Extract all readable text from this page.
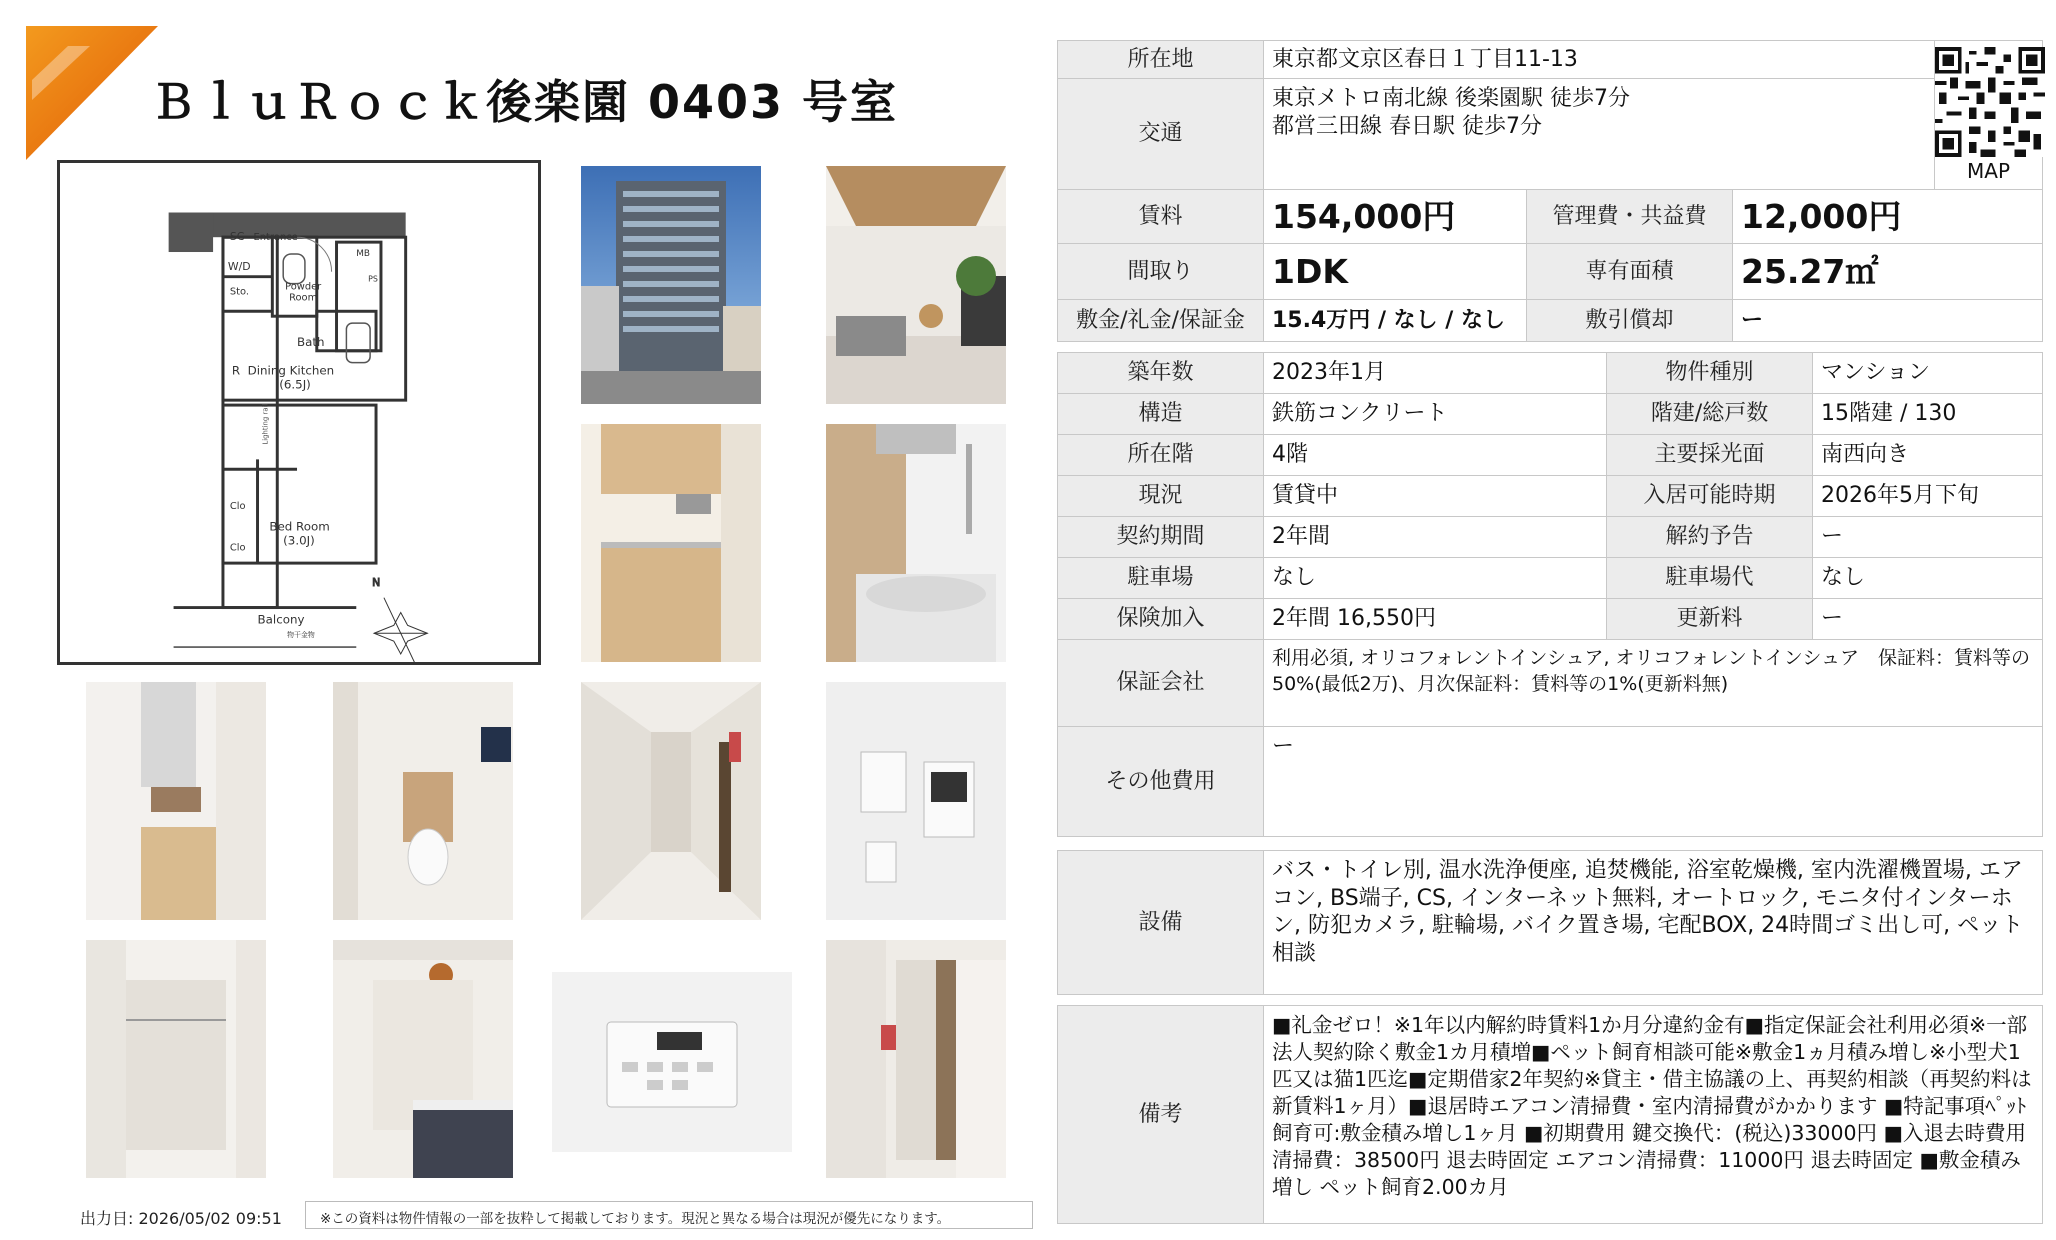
ＢｌｕＲｏｃｋ後楽園 0403 号室
SC Entrance
W/D
Sto.	Powder
Room
MB
PS
Bath
R Dining Kitchen
(6.5J)
Lighting rail
Clo
Clo
Bed Room
(3.0J)
Balcony
物干金物
N
出力日: 2026/05/02 09:51	※この資料は物件情報の一部を抜粋して掲載しております。現況と異なる場合は現況が優先になります。
所在地	東京都文京区春日１丁目11-13			MAP

交通	東京メトロ南北線 後楽園駅 徒歩7分
都営三田線 春日駅 徒歩7分			

賃料	154,000円	管理費・共益費	12,000円	
間取り	1DK	専有面積	25.27㎡	
敷金/礼金/保証金	15.4万円 / なし / なし	敷引償却	ー	
築年数	2023年1月	物件種別	マンション
構造	鉄筋コンクリート	階建/総戸数	15階建 / 130
所在階	4階	主要採光面	南西向き
現況	賃貸中	入居可能時期	2026年5月下旬
契約期間	2年間	解約予告	ー
駐車場	なし	駐車場代	なし
保険加入	2年間 16,550円	更新料	ー
保証会社	利用必須, オリコフォレントインシュア, オリコフォレントインシュア　保証料：賃料等の50%(最低2万)、月次保証料：賃料等の1%(更新料無)		
その他費用	ー		
設備	バス・トイレ別, 温水洗浄便座, 追焚機能, 浴室乾燥機, 室内洗濯機置場, エアコン, BS端子, CS, インターネット無料, オートロック, モニタ付インターホン, 防犯カメラ, 駐輪場, バイク置き場, 宅配BOX, 24時間ゴミ出し可, ペット相談
備考	■礼金ゼロ！※1年以内解約時賃料1か月分違約金有■指定保証会社利用必須※一部法人契約除く敷金1カ月積増■ペット飼育相談可能※敷金1ヵ月積み増し※小型犬1匹又は猫1匹迄■定期借家2年契約※貸主・借主協議の上、再契約相談（再契約料は　新賃料1ヶ月）■退居時エアコン清掃費・室内清掃費がかかります ■特記事項ﾍﾟｯﾄ飼育可:敷金積み増し1ヶ月 ■初期費用 鍵交換代：(税込)33000円 ■入退去時費用 清掃費：38500円 退去時固定 エアコン清掃費：11000円 退去時固定 ■敷金積み増し ペット飼育2.00カ月
